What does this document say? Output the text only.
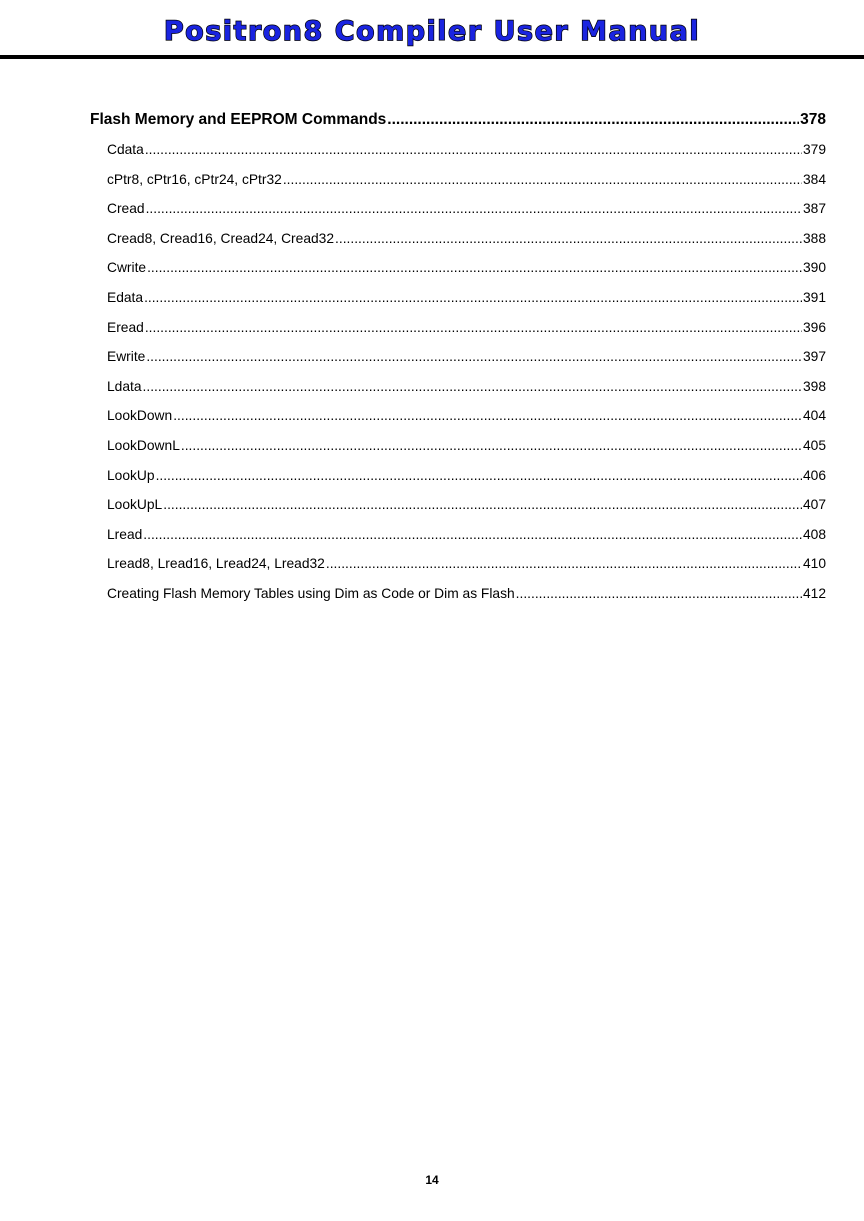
Positron8 Compiler User Manual
Flash Memory and EEPROM Commands .....	378
Cdata .....	379
cPtr8, cPtr16, cPtr24, cPtr32 .....	384
Cread .....	387
Cread8, Cread16, Cread24, Cread32 .....	388
Cwrite .....	390
Edata .....	391
Eread .....	396
Ewrite .....	397
Ldata .....	398
LookDown .....	404
LookDownL .....	405
LookUp .....	406
LookUpL .....	407
Lread .....	408
Lread8, Lread16, Lread24, Lread32 .....	410
Creating Flash Memory Tables using Dim as Code or Dim as Flash .....	412
14
